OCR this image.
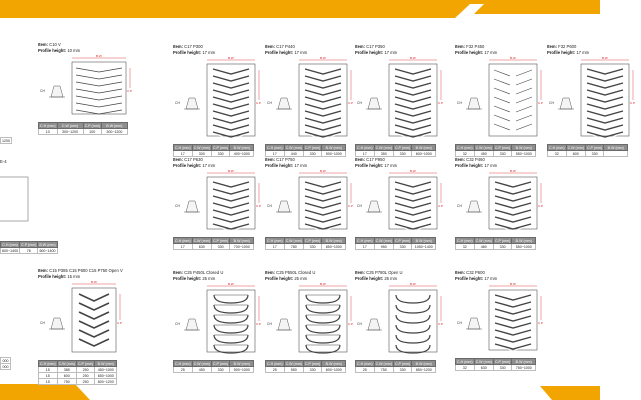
1200
E-4
C.H (mm)	C.P (mm)	B.W (mm)
600~1400	76	600~1400
000
000
Item: C10 V
Profile height: 10 mm
CH
B.W
C.P
C.H (mm)	C.W (mm)	C.P (mm)	B.W (mm)
10	300~1200	100	300~1200
Item: C17 P300
Profile height: 17 mm
CH
B.W
C.P
C.H (mm)	C.W (mm)	C.P (mm)	B.W (mm)
17	300	330	400~1000
Item: C17 P440
Profile height: 17 mm
CH
B.W
C.P
C.H (mm)	C.W (mm)	C.P (mm)	B.W (mm)
17	440	330	500~1000
Item: C17 P350
Profile height: 17 mm
CH
B.W
C.P
C.H (mm)	C.W (mm)	C.P (mm)	B.W (mm)
17	350	330	600~1000
Item: F32 P450
Profile height: 17 mm
CH
B.W
C.P
C.H (mm)	C.W (mm)	C.P (mm)	B.W (mm)
32	450	330	550~1000
Item: F32 P600
Profile height: 17 mm
CH
B.W
C.P
C.H (mm)	C.W (mm)	C.P (mm)	B.W (mm)
32	600	330	
Item: C17 P630
Profile height: 17 mm
CH
B.W
C.P
C.H (mm)	C.W (mm)	C.P (mm)	B.W (mm)
17	630	330	700~1000
Item: C17 P750
Profile height: 17 mm
CH
B.W
C.P
C.H (mm)	C.W (mm)	C.P (mm)	B.W (mm)
17	780	330	850~1000
Item: C17 P950
Profile height: 17 mm
CH
B.W
C.P
C.H (mm)	C.W (mm)	C.P (mm)	B.W (mm)
17	950	330	1050~1400
Item: C32 P460
Profile height: 17 mm
CH
B.W
C.P
C.H (mm)	C.W (mm)	C.P (mm)	B.W (mm)
32	460	330	550~1000
Item: C15 P385 C15 P600 C15 P750 Open V
Profile height: 15 mm
CH
B.W
C.P
C.H (mm)	C.W (mm)	C.P (mm)	B.W (mm)
15	385	250	450~1000
15	600	250	650~1000
15	750	250	800~1200
Item: C25 P450L Closed U
Profile height: 25 mm
CH
B.W
C.P
C.H (mm)	C.W (mm)	C.P (mm)	B.W (mm)
25	450	330	500~1000
Item: C25 P550L Closed U
Profile height: 25 mm
CH
B.W
C.P
C.H (mm)	C.W (mm)	C.P (mm)	B.W (mm)
25	550	330	600~1000
Item: C25 P780L Open U
Profile height: 25 mm
CH
B.W
C.P
C.H (mm)	C.W (mm)	C.P (mm)	B.W (mm)
25	750	330	850~1200
Item: C32 P600
Profile height: 17 mm
CH
B.W
C.P
C.H (mm)	C.W (mm)	C.P (mm)	B.W (mm)
32	630	330	750~1000
